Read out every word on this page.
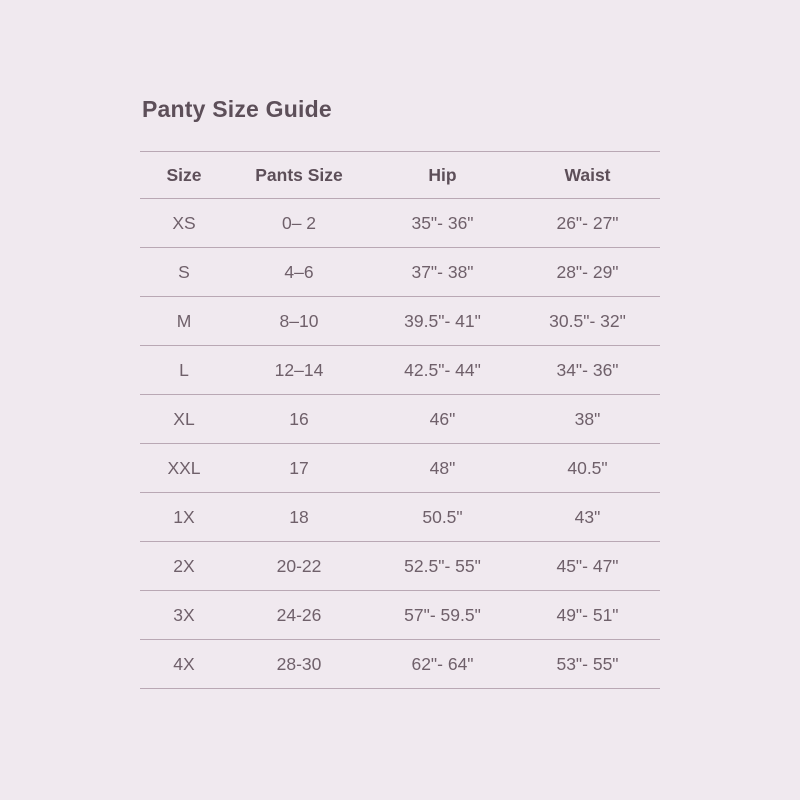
Panty Size Guide
Size	Pants Size	Hip	Waist
XS	0– 2	35"- 36"	26"- 27"
S	4–6	37"- 38"	28"- 29"
M	8–10	39.5"- 41"	30.5"- 32"
L	12–14	42.5"- 44"	34"- 36"
XL	16	46"	38"
XXL	17	48"	40.5"
1X	18	50.5"	43"
2X	20-22	52.5"- 55"	45"- 47"
3X	24-26	57"- 59.5"	49"- 51"
4X	28-30	62"- 64"	53"- 55"
